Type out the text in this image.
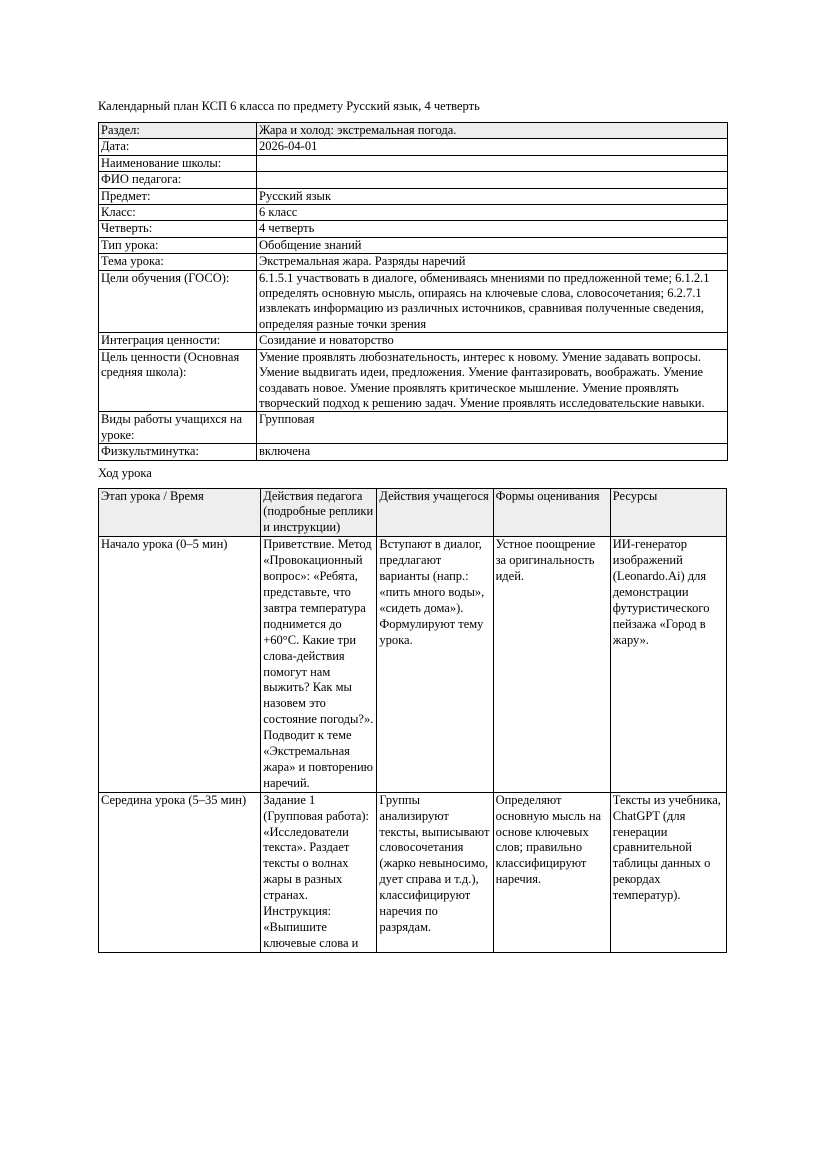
Календарный план КСП 6 класса по предмету Русский язык, 4 четверть
Раздел:	Жара и холод: экстремальная погода.
Дата:	2026-04-01
Наименование школы:	
ФИО педагога:	
Предмет:	Русский язык
Класс:	6 класс
Четверть:	4 четверть
Тип урока:	Обобщение знаний
Тема урока:	Экстремальная жара. Разряды наречий
Цели обучения (ГОСО):	6.1.5.1 участвовать в диалоге, обмениваясь мнениями по предложенной теме; 6.1.2.1 определять основную мысль, опираясь на ключевые слова, словосочетания; 6.2.7.1 извлекать информацию из различных источников, сравнивая полученные сведения, определяя разные точки зрения
Интеграция ценности:	Созидание и новаторство
Цель ценности (Основная средняя школа):	Умение проявлять любознательность, интерес к новому. Умение задавать вопросы. Умение выдвигать идеи, предложения. Умение фантазировать, воображать. Умение создавать новое. Умение проявлять критическое мышление. Умение проявлять творческий подход к решению задач. Умение проявлять исследовательские навыки.
Виды работы учащихся на уроке:	Групповая
Физкультминутка:	включена
Ход урока
Этап урока / Время	Действия педагога (подробные реплики и инструкции)	Действия учащегося	Формы оценивания	Ресурсы
Начало урока (0–5 мин)	Приветствие. Метод «Провокационный вопрос»: «Ребята, представьте, что завтра температура поднимется до +60°C. Какие три слова-действия помогут нам выжить? Как мы назовем это состояние погоды?». Подводит к теме «Экстремальная жара» и повторению наречий.	Вступают в диалог, предлагают варианты (напр.: «пить много воды», «сидеть дома»). Формулируют тему урока.	Устное поощрение за оригинальность идей.	ИИ-генератор изображений (Leonardo.Ai) для демонстрации футуристического пейзажа «Город в жару».
Середина урока (5–35 мин)	Задание 1 (Групповая работа): «Исследователи текста». Раздает тексты о волнах жары в разных странах. Инструкция: «Выпишите ключевые слова и	Группы анализируют тексты, выписывают словосочетания (жарко невыносимо, дует справа и т.д.), классифицируют наречия по разрядам.	Определяют основную мысль на основе ключевых слов; правильно классифицируют наречия.	Тексты из учебника, ChatGPT (для генерации сравнительной таблицы данных о рекордах температур).
